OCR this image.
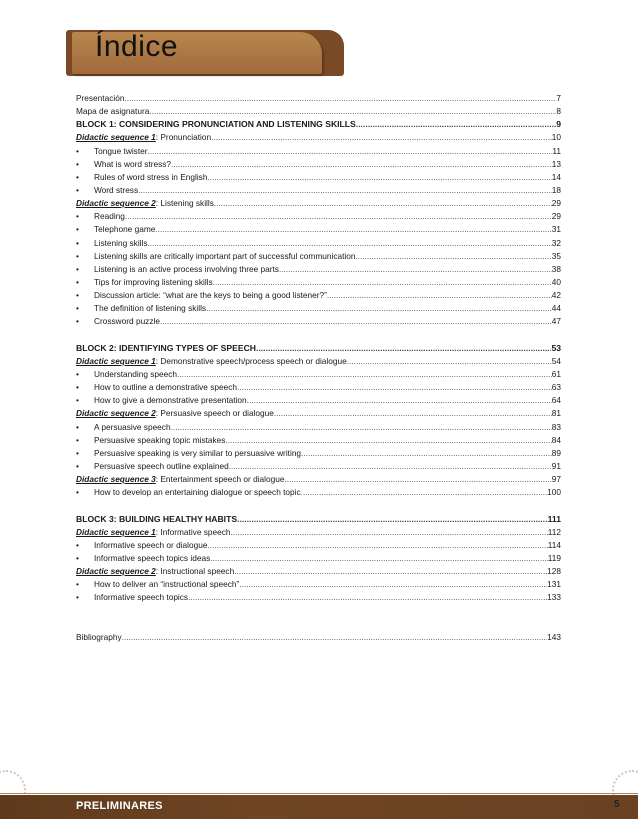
Índice
Presentación .....	7
Mapa de asignatura .....	8
BLOCK 1: CONSIDERING PRONUNCIATION AND LISTENING SKILLS .....	9
Didactic sequence 1: Pronunciation .....	10
•	Tongue twister .....	11
•	What is word stress? .....	13
•	Rules of word stress in English .....	14
•	Word stress .....	18
Didactic sequence 2: Listening skills .....	29
•	Reading .....	29
•	Telephone game .....	31
•	Listening skills .....	32
•	Listening skills are critically important part of successful communication .....	35
•	Listening is an active process involving three parts .....	38
•	Tips for improving listening skills .....	40
•	Discussion article: “what are the keys to being a good listener?” .....	42
•	The definition of listening skills .....	44
•	Crossword puzzle .....	47
BLOCK 2: IDENTIFYING TYPES OF SPEECH .....	53
Didactic sequence 1: Demonstrative speech/process speech or dialogue .....	54
•	Understanding speech .....	61
•	How to outline a demonstrative speech .....	63
•	How to give a demonstrative presentation .....	64
Didactic sequence 2: Persuasive speech or dialogue .....	81
•	A persuasive speech .....	83
•	Persuasive speaking topic mistakes .....	84
•	Persuasive speaking is very similar to persuasive writing .....	89
•	Persuasive speech outline explained .....	91
Didactic sequence 3: Entertainment speech or dialogue .....	97
•	How to develop an entertaining dialogue or speech topic .....	100
BLOCK 3: BUILDING HEALTHY HABITS .....	111
Didactic sequence 1: Informative speech .....	112
•	Informative speech or dialogue .....	114
•	Informative speech topics ideas .....	119
Didactic sequence 2: Instructional speech .....	128
•	How to deliver an “instructional speech” .....	131
•	Informative speech topics .....	133
Bibliography .....	143
PRELIMINARES	5
